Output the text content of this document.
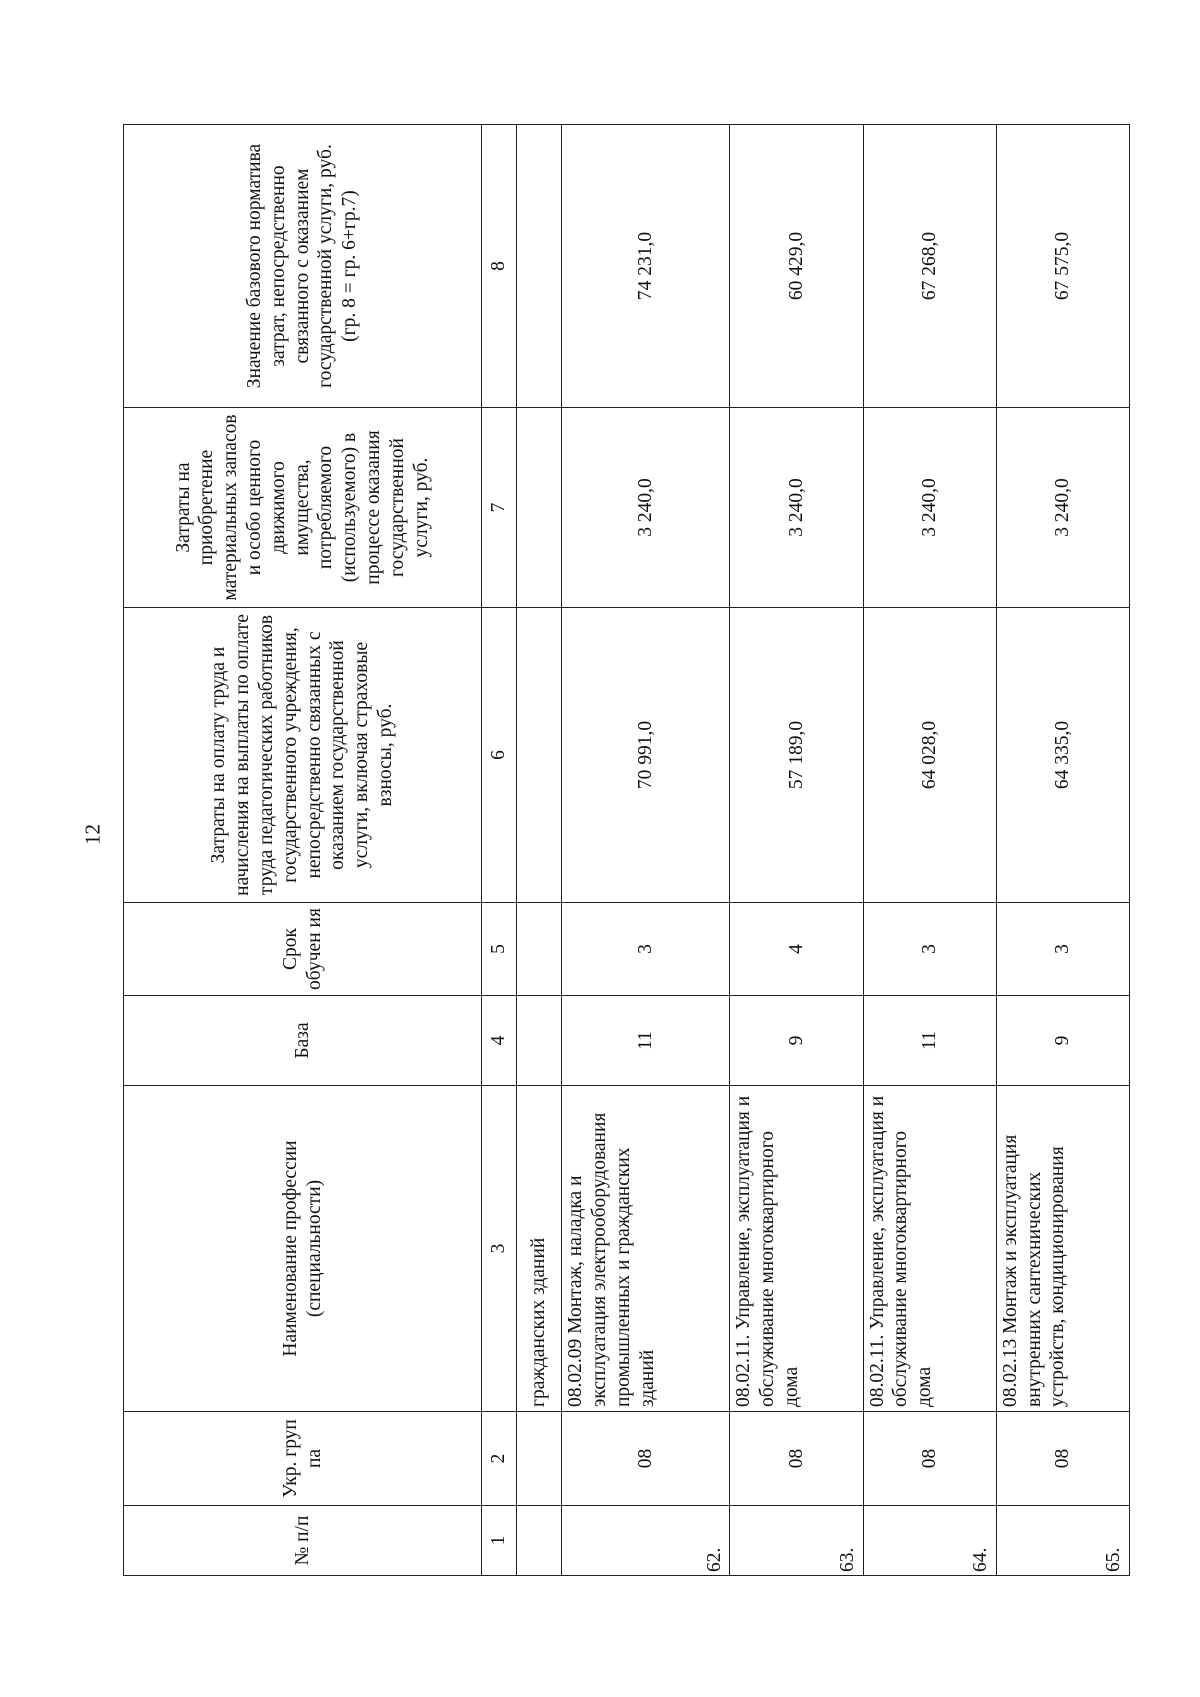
12
№ п/п	Укр. груп па	Наименование профессии (специальности)	База	Срок обучен ия	Затраты на оплату труда и начисления на выплаты по оплате труда педагогических работников государственного учреждения, непосредственно связанных с оказанием государственной услуги, включая страховые взносы, руб.	Затраты на приобретение материальных запасов и особо ценного движимого имущества, потребляемого (используемого) в процессе оказания государственной услуги, руб.	Значение базового норматива затрат, непосредственно связанного с оказанием государственной услуги, руб. (гр. 8 = гр. 6+гр.7)
1	2	3	4	5	6	7	8
		гражданских зданий					
62.	08	08.02.09 Монтаж, наладка и эксплуатация электрооборудования промышленных и гражданских зданий	11	3	70 991,0	3 240,0	74 231,0
63.	08	08.02.11. Управление, эксплуатация и обслуживание многоквартирного дома	9	4	57 189,0	3 240,0	60 429,0
64.	08	08.02.11. Управление, эксплуатация и обслуживание многоквартирного дома	11	3	64 028,0	3 240,0	67 268,0
65.	08	08.02.13 Монтаж и эксплуатация внутренних сантехнических устройств, кондиционирования	9	3	64 335,0	3 240,0	67 575,0
